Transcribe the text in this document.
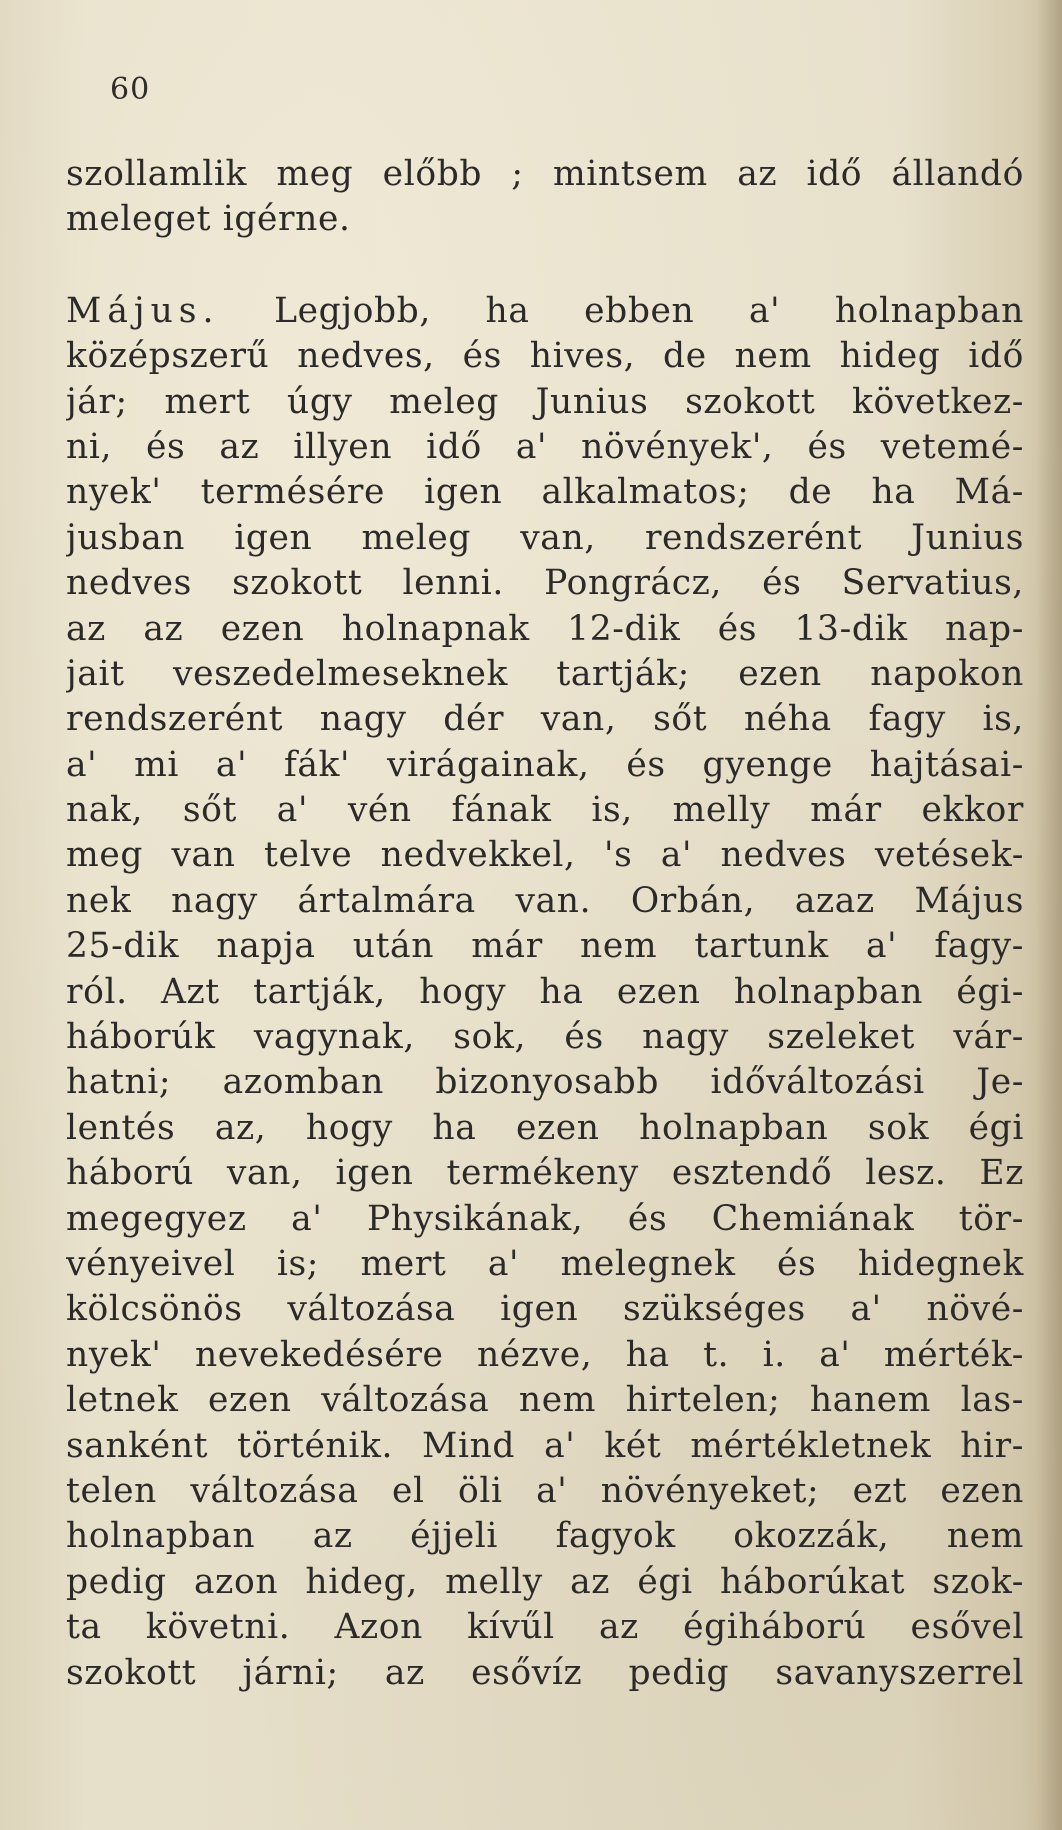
60
szollamlik meg előbb ; mintsem az idő állandó
meleget igérne.
Május. Legjobb, ha ebben a' holnapban
középszerű nedves, és hives, de nem hideg idő
jár; mert úgy meleg Junius szokott következ-
ni, és az illyen idő a' növények', és vetemé-
nyek' termésére igen alkalmatos; de ha Má-
jusban igen meleg van, rendszerént Junius
nedves szokott lenni. Pongrácz, és Servatius,
az az ezen holnapnak 12-dik és 13-dik nap-
jait veszedelmeseknek tartják; ezen napokon
rendszerént nagy dér van, sőt néha fagy is,
a' mi a' fák' virágainak, és gyenge hajtásai-
nak, sőt a' vén fának is, melly már ekkor
meg van telve nedvekkel, 's a' nedves vetések-
nek nagy ártalmára van. Orbán, azaz Május
25-dik napja után már nem tartunk a' fagy-
ról. Azt tartják, hogy ha ezen holnapban égi-
háborúk vagynak, sok, és nagy szeleket vár-
hatni; azomban bizonyosabb időváltozási Je-
lentés az, hogy ha ezen holnapban sok égi
háború van, igen termékeny esztendő lesz. Ez
megegyez a' Physikának, és Chemiának tör-
vényeivel is; mert a' melegnek és hidegnek
kölcsönös változása igen szükséges a' növé-
nyek' nevekedésére nézve, ha t. i. a' mérték-
letnek ezen változása nem hirtelen; hanem las-
sanként történik. Mind a' két mértékletnek hir-
telen változása el öli a' növényeket; ezt ezen
holnapban az éjjeli fagyok okozzák, nem
pedig azon hideg, melly az égi háborúkat szok-
ta követni. Azon kívűl az égiháború esővel
szokott járni; az esővíz pedig savanyszerrel
